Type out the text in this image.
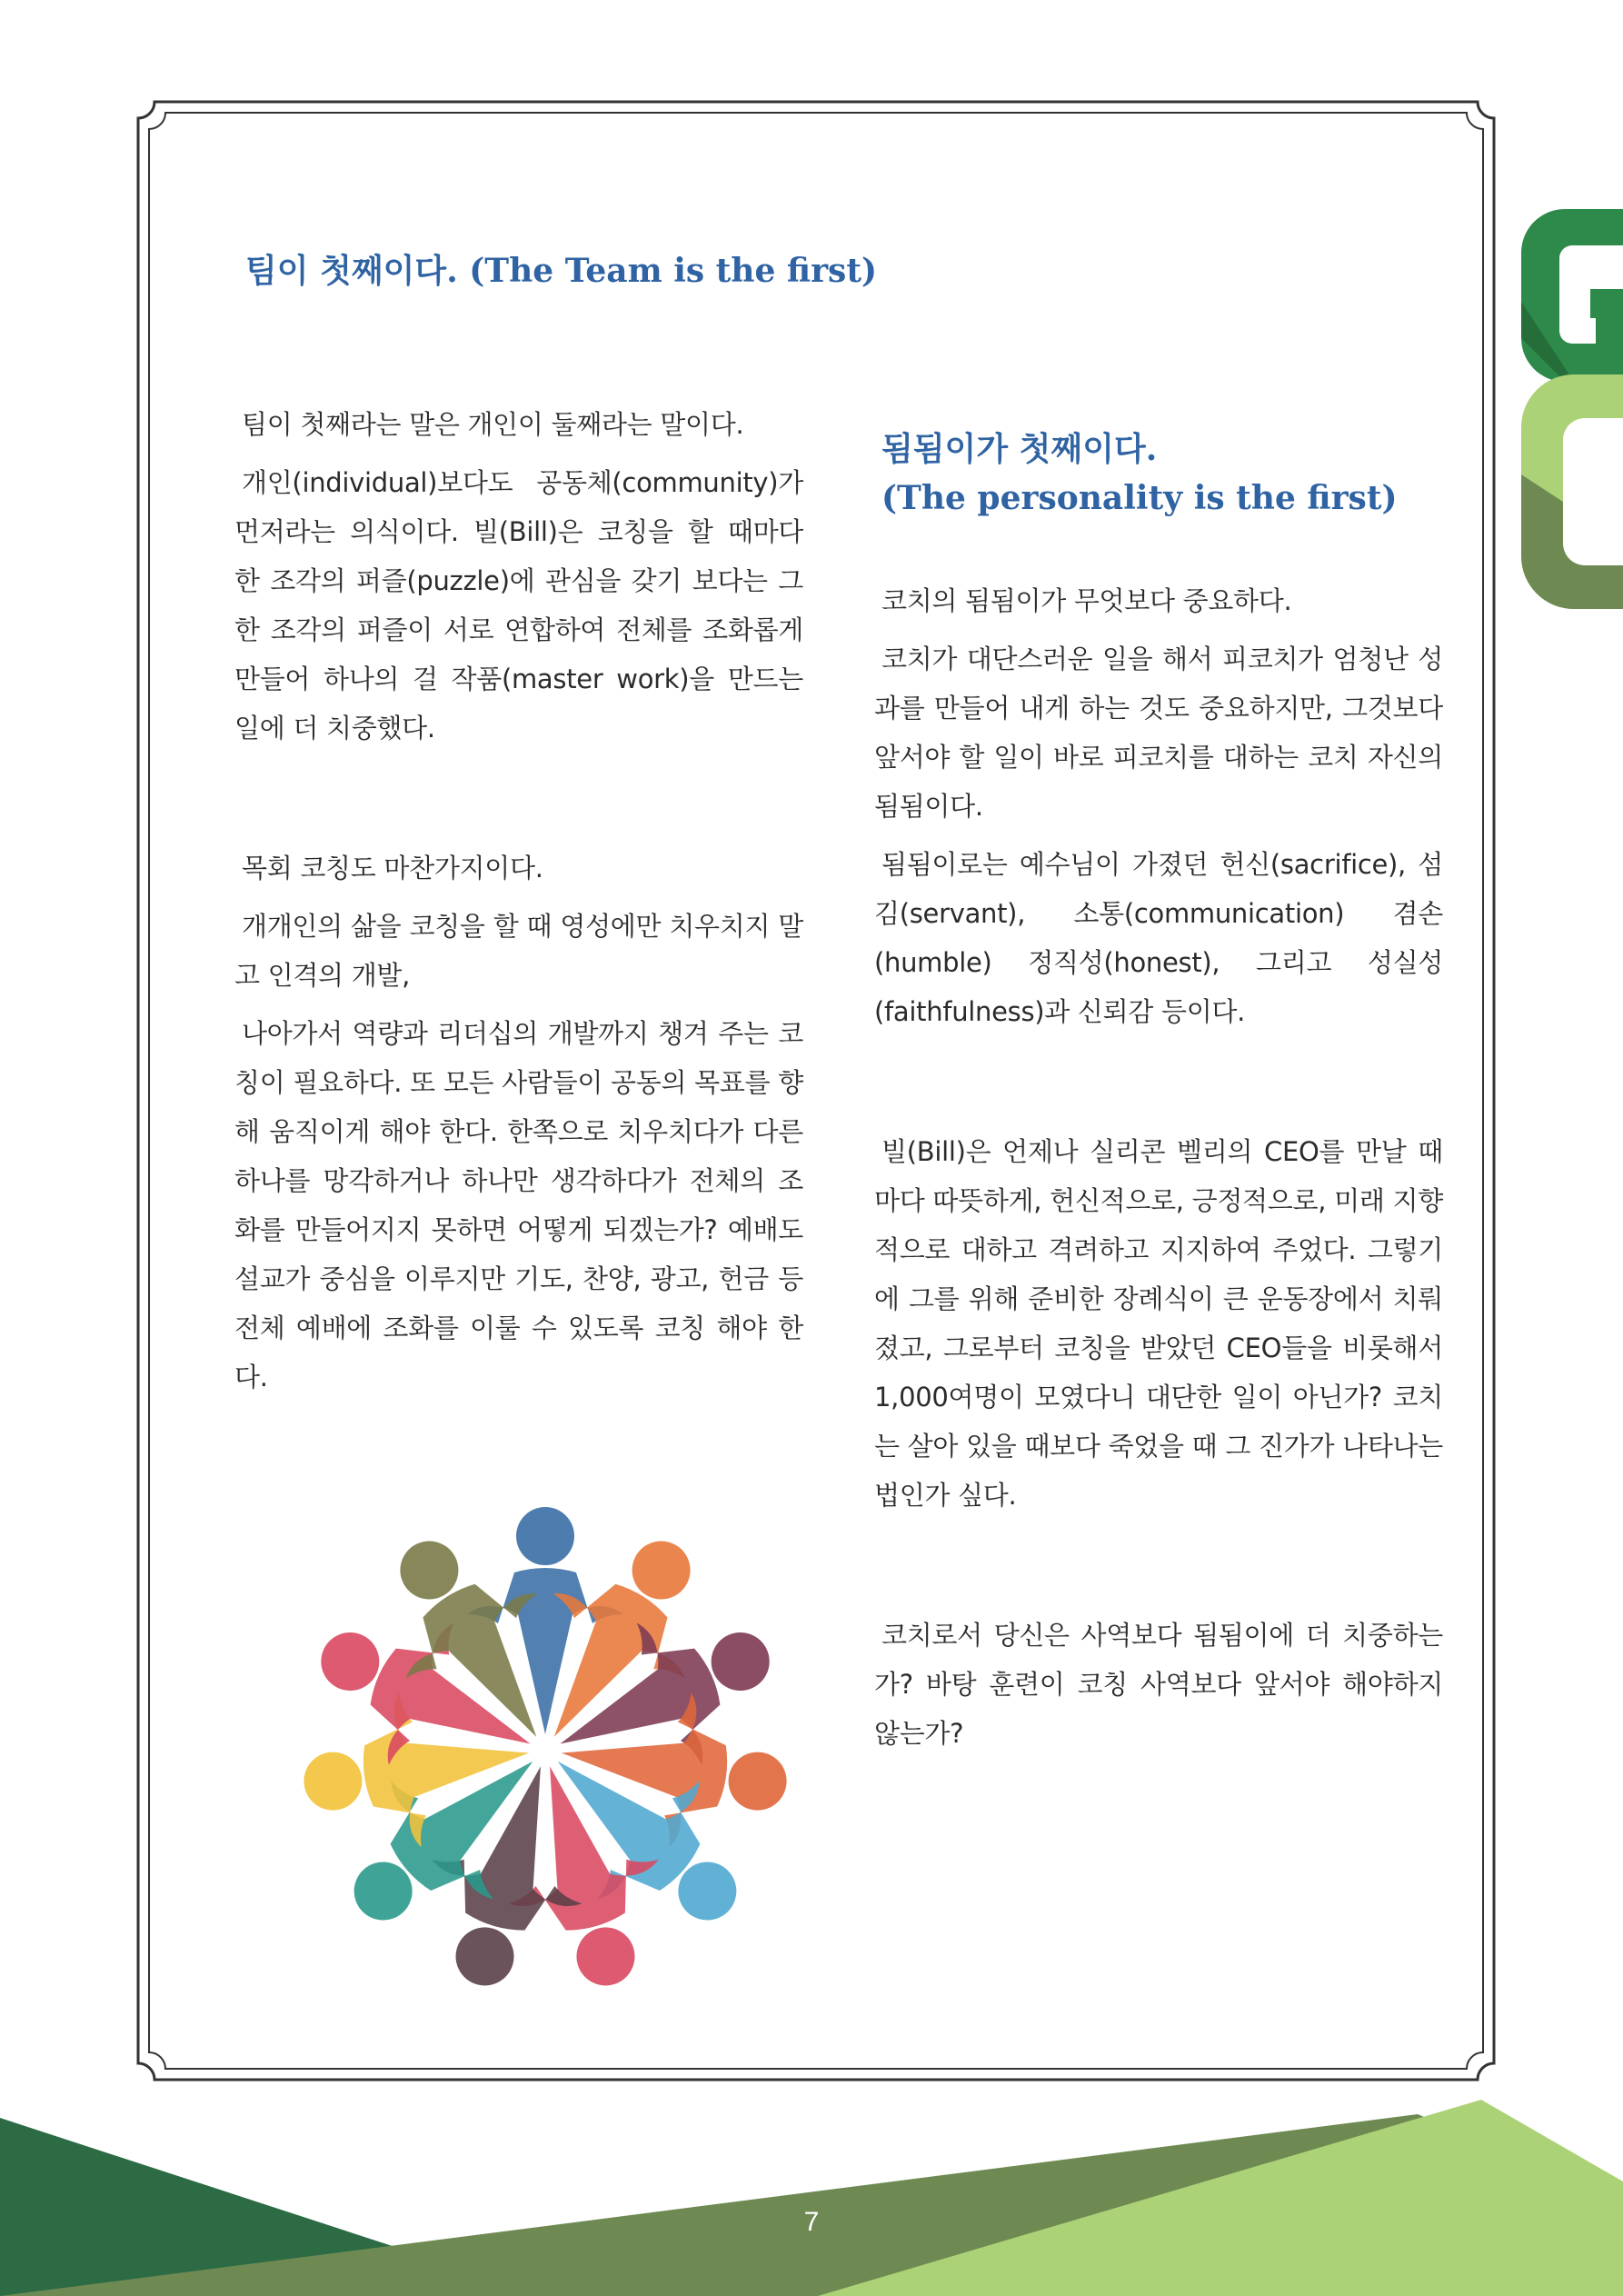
팀이 첫째이다. (The Team is the first)

팀이 첫째라는 말은 개인이 둘째라는 말이다.

개인(individual)보다도 공동체(community)가 먼저라는 의식이다. 빌(Bill)은 코칭을 할 때마다 한 조각의 퍼즐(puzzle)에 관심을 갖기 보다는 그 한 조각의 퍼즐이 서로 연합하여 전체를 조화롭게 만들어 하나의 걸 작품(master work)을 만드는 일에 더 치중했다.

목회 코칭도 마찬가지이다.

개개인의 삶을 코칭을 할 때 영성에만 치우치지 말고 인격의 개발,

나아가서 역량과 리더십의 개발까지 챙겨 주는 코칭이 필요하다. 또 모든 사람들이 공동의 목표를 향해 움직이게 해야 한다. 한쪽으로 치우치다가 다른 하나를 망각하거나 하나만 생각하다가 전체의 조화를 만들어지지 못하면 어떻게 되겠는가? 예배도 설교가 중심을 이루지만 기도, 찬양, 광고, 헌금 등 전체 예배에 조화를 이룰 수 있도록 코칭 해야 한다.

됨됨이가 첫째이다.
(The personality is the first)

코치의 됨됨이가 무엇보다 중요하다.

코치가 대단스러운 일을 해서 피코치가 엄청난 성과를 만들어 내게 하는 것도 중요하지만, 그것보다 앞서야 할 일이 바로 피코치를 대하는 코치 자신의 됨됨이다.

됨됨이로는 예수님이 가졌던 헌신(sacrifice), 섬김(servant), 소통(communication) 겸손(humble) 정직성(honest), 그리고 성실성(faithfulness)과 신뢰감 등이다.

빌(Bill)은 언제나 실리콘 벨리의 CEO를 만날 때마다 따뜻하게, 헌신적으로, 긍정적으로, 미래 지향적으로 대하고 격려하고 지지하여 주었다. 그렇기에 그를 위해 준비한 장례식이 큰 운동장에서 치뤄졌고, 그로부터 코칭을 받았던 CEO들을 비롯해서 1,000여명이 모였다니 대단한 일이 아닌가? 코치는 살아 있을 때보다 죽었을 때 그 진가가 나타나는 법인가 싶다.

코치로서 당신은 사역보다 됨됨이에 더 치중하는가? 바탕 훈련이 코칭 사역보다 앞서야 해야하지 않는가?

7
